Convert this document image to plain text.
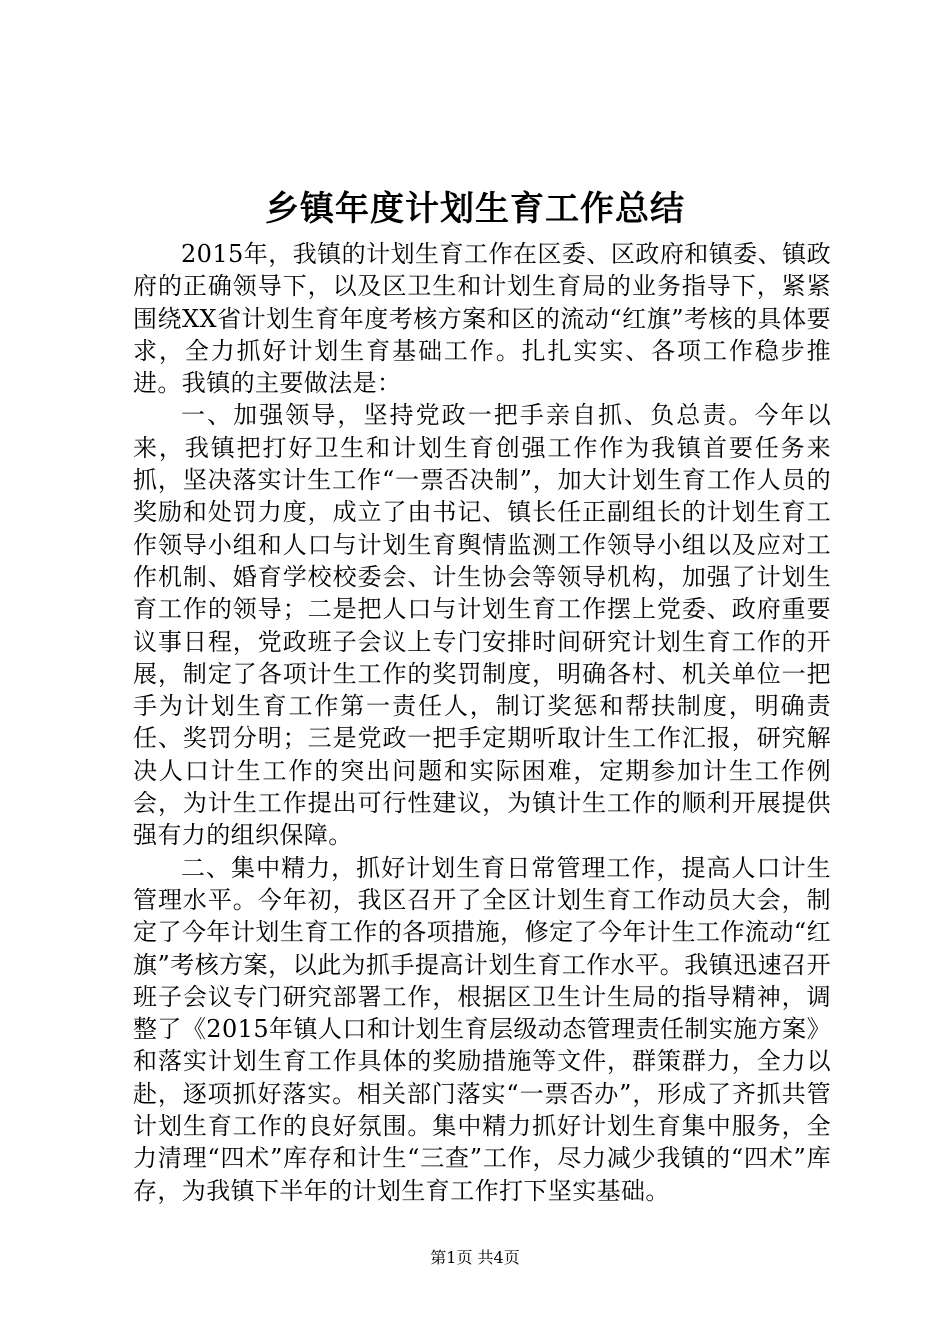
乡镇年度计划生育工作总结

2015年，我镇的计划生育工作在区委、区政府和镇委、镇政府的正确领导下，以及区卫生和计划生育局的业务指导下，紧紧围绕XX省计划生育年度考核方案和区的流动“红旗”考核的具体要求，全力抓好计划生育基础工作。扎扎实实、各项工作稳步推进。我镇的主要做法是：

一、加强领导，坚持党政一把手亲自抓、负总责。今年以来，我镇把打好卫生和计划生育创强工作作为我镇首要任务来抓，坚决落实计生工作“一票否决制”，加大计划生育工作人员的奖励和处罚力度，成立了由书记、镇长任正副组长的计划生育工作领导小组和人口与计划生育舆情监测工作领导小组以及应对工作机制、婚育学校校委会、计生协会等领导机构，加强了计划生育工作的领导；二是把人口与计划生育工作摆上党委、政府重要议事日程，党政班子会议上专门安排时间研究计划生育工作的开展，制定了各项计生工作的奖罚制度，明确各村、机关单位一把手为计划生育工作第一责任人，制订奖惩和帮扶制度，明确责任、奖罚分明；三是党政一把手定期听取计生工作汇报，研究解决人口计生工作的突出问题和实际困难，定期参加计生工作例会，为计生工作提出可行性建议，为镇计生工作的顺利开展提供强有力的组织保障。

二、集中精力，抓好计划生育日常管理工作，提高人口计生管理水平。今年初，我区召开了全区计划生育工作动员大会，制定了今年计划生育工作的各项措施，修定了今年计生工作流动“红旗”考核方案，以此为抓手提高计划生育工作水平。我镇迅速召开班子会议专门研究部署工作，根据区卫生计生局的指导精神，调整了《2015年镇人口和计划生育层级动态管理责任制实施方案》和落实计划生育工作具体的奖励措施等文件，群策群力，全力以赴，逐项抓好落实。相关部门落实“一票否办”，形成了齐抓共管计划生育工作的良好氛围。集中精力抓好计划生育集中服务，全力清理“四术”库存和计生“三查”工作，尽力减少我镇的“四术”库存，为我镇下半年的计划生育工作打下坚实基础。

第1页 共4页
